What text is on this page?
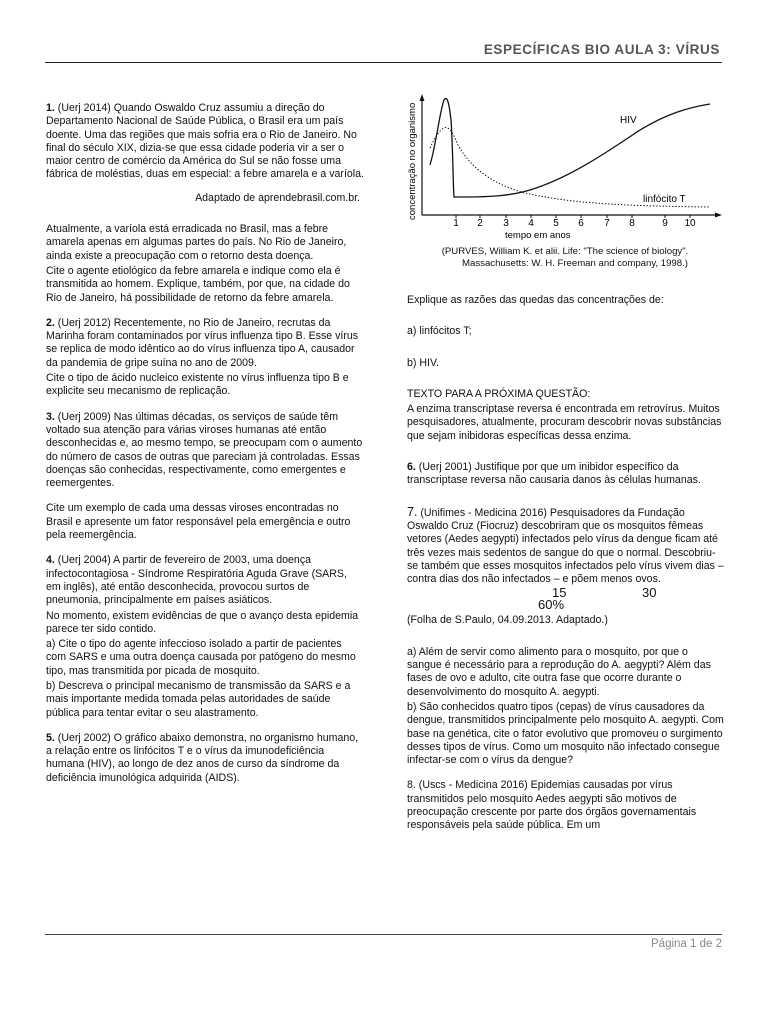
ESPECÍFICAS BIO AULA 3: VÍRUS

1. (Uerj 2014) Quando Oswaldo Cruz assumiu a direção do Departamento Nacional de Saúde Pública, o Brasil era um país doente. Uma das regiões que mais sofria era o Rio de Janeiro. No final do século XIX, dizia-se que essa cidade poderia vir a ser o maior centro de comércio da América do Sul se não fosse uma fábrica de moléstias, duas em especial: a febre amarela e a varíola.

Adaptado de aprendebrasil.com.br.

Atualmente, a varíola está erradicada no Brasil, mas a febre amarela apenas em algumas partes do país. No Rio de Janeiro, ainda existe a preocupação com o retorno desta doença.

Cite o agente etiológico da febre amarela e indique como ela é transmitida ao homem. Explique, também, por que, na cidade do Rio de Janeiro, há possibilidade de retorno da febre amarela.

2. (Uerj 2012) Recentemente, no Rio de Janeiro, recrutas da Marinha foram contaminados por vírus influenza tipo B. Esse vírus se replica de modo idêntico ao do vírus influenza tipo A, causador da pandemia de gripe suína no ano de 2009.

Cite o tipo de ácido nucleico existente no vírus influenza tipo B e explicite seu mecanismo de replicação.

3. (Uerj 2009) Nas últimas décadas, os serviços de saúde têm voltado sua atenção para várias viroses humanas até então desconhecidas e, ao mesmo tempo, se preocupam com o aumento do número de casos de outras que pareciam já controladas. Essas doenças são conhecidas, respectivamente, como emergentes e reemergentes.

Cite um exemplo de cada uma dessas viroses encontradas no Brasil e apresente um fator responsável pela emergência e outro pela reemergência.

4. (Uerj 2004) A partir de fevereiro de 2003, uma doença infectocontagiosa - Síndrome Respiratória Aguda Grave (SARS, em inglês), até então desconhecida, provocou surtos de pneumonia, principalmente em países asiáticos.

No momento, existem evidências de que o avanço desta epidemia parece ter sido contido.

a) Cite o tipo do agente infeccioso isolado a partir de pacientes com SARS e uma outra doença causada por patógeno do mesmo tipo, mas transmitida por picada de mosquito.

b) Descreva o principal mecanismo de transmissão da SARS e a mais importante medida tomada pelas autoridades de saúde pública para tentar evitar o seu alastramento.

5. (Uerj 2002) O gráfico abaixo demonstra, no organismo humano, a relação entre os linfócitos T e o vírus da imunodeficiência humana (HIV), ao longo de dez anos de curso da síndrome da deficiência imunológica adquirida (AIDS).

concentração no organismo
1 2 3 4 5 6 7 8	9 10
tempo em anos
HIV
linfócito T
(PURVES, William K. et alii. Life: "The science of biology".
Massachusetts: W. H. Freeman and company, 1998.)

Explique as razões das quedas das concentrações de:

a) linfócitos T;

b) HIV.

TEXTO PARA A PRÓXIMA QUESTÃO:

A enzima transcriptase reversa é encontrada em retrovírus. Muitos pesquisadores, atualmente, procuram descobrir novas substâncias que sejam inibidoras específicas dessa enzima.

6. (Uerj 2001) Justifique por que um inibidor específico da transcriptase reversa não causaria danos às células humanas.

7. (Unifimes - Medicina 2016) Pesquisadores da Fundação Oswaldo Cruz (Fiocruz) descobriram que os mosquitos fêmeas vetores (Aedes aegypti) infectados pelo vírus da dengue ficam até três vezes mais sedentos de sangue do que o normal. Descobriu-se também que esses mosquitos infectados pelo vírus vivem dias – contra dias dos não infectados – e põem menos ovos.

15	30
60%

(Folha de S.Paulo, 04.09.2013. Adaptado.)

a) Além de servir como alimento para o mosquito, por que o sangue é necessário para a reprodução do A. aegypti? Além das fases de ovo e adulto, cite outra fase que ocorre durante o desenvolvimento do mosquito A. aegypti.

b) São conhecidos quatro tipos (cepas) de vírus causadores da dengue, transmitidos principalmente pelo mosquito A. aegypti. Com base na genética, cite o fator evolutivo que promoveu o surgimento desses tipos de vírus. Como um mosquito não infectado consegue infectar-se com o vírus da dengue?

8. (Uscs - Medicina 2016) Epidemias causadas por vírus transmitidos pelo mosquito Aedes aegypti são motivos de preocupação crescente por parte dos órgãos governamentais responsáveis pela saúde pública. Em um

Página 1 de 2
